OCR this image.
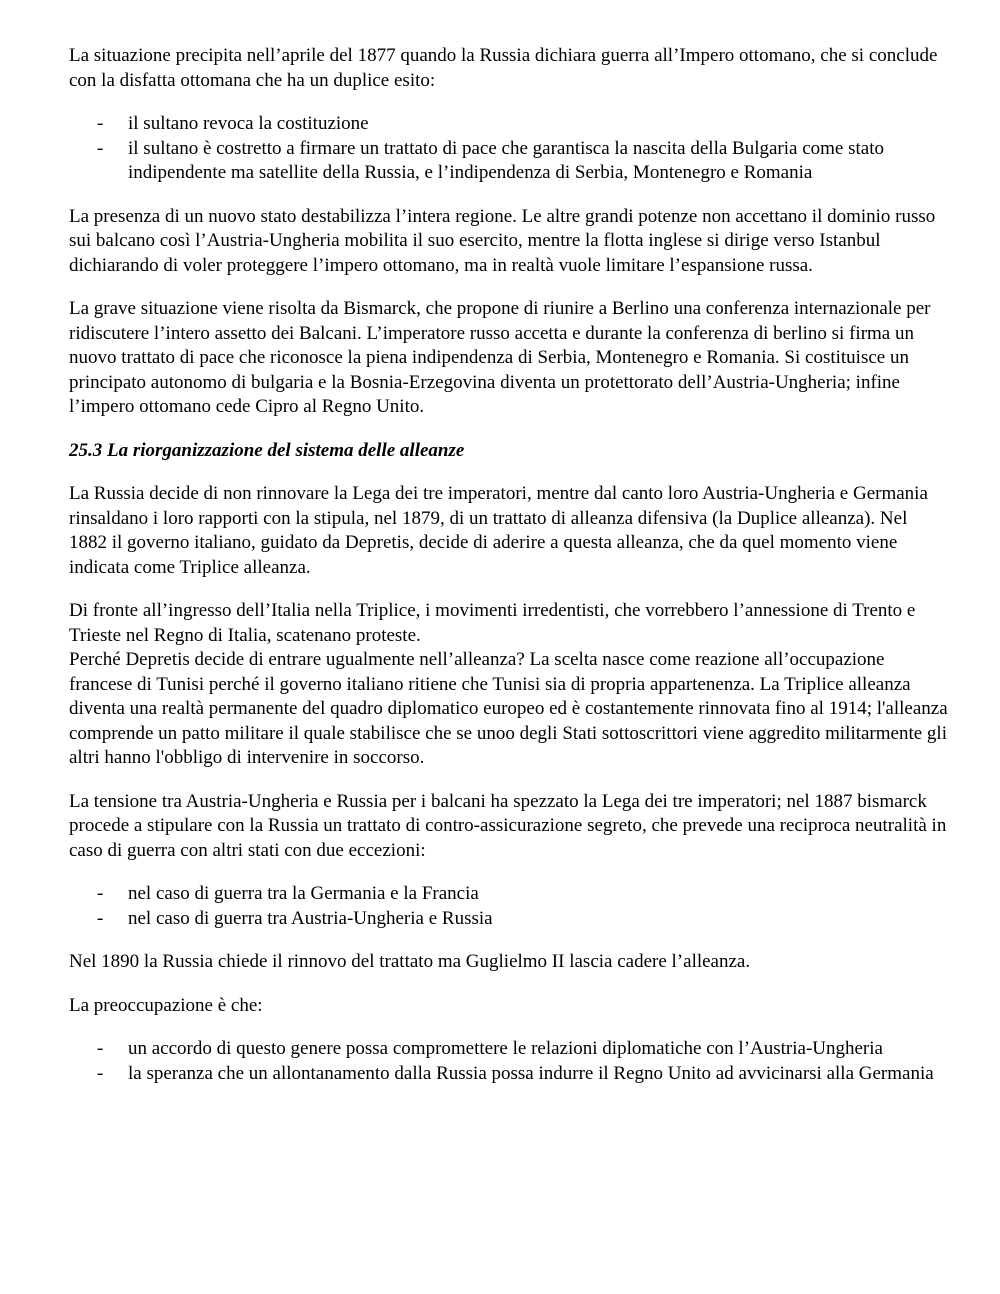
La situazione precipita nell’aprile del 1877 quando la Russia dichiara guerra all’Impero ottomano, che si conclude con la disfatta ottomana che ha un duplice esito:

- il sultano revoca la costituzione
- il sultano è costretto a firmare un trattato di pace che garantisca la nascita della Bulgaria come stato indipendente ma satellite della Russia, e l’indipendenza di Serbia, Montenegro e Romania

La presenza di un nuovo stato destabilizza l’intera regione. Le altre grandi potenze non accettano il dominio russo sui balcano così l’Austria-Ungheria mobilita il suo esercito, mentre la flotta inglese si dirige verso Istanbul dichiarando di voler proteggere l’impero ottomano, ma in realtà vuole limitare l’espansione russa.

La grave situazione viene risolta da Bismarck, che propone di riunire a Berlino una conferenza internazionale per ridiscutere l’intero assetto dei Balcani. L’imperatore russo accetta e durante la conferenza di berlino si firma un nuovo trattato di pace che riconosce la piena indipendenza di Serbia, Montenegro e Romania. Si costituisce un principato autonomo di bulgaria e la Bosnia-Erzegovina diventa un protettorato dell’Austria-Ungheria; infine l’impero ottomano cede Cipro al Regno Unito.

25.3 La riorganizzazione del sistema delle alleanze

La Russia decide di non rinnovare la Lega dei tre imperatori, mentre dal canto loro Austria-Ungheria e Germania rinsaldano i loro rapporti con la stipula, nel 1879, di un trattato di alleanza difensiva (la Duplice alleanza). Nel 1882 il governo italiano, guidato da Depretis, decide di aderire a questa alleanza, che da quel momento viene indicata come Triplice alleanza.

Di fronte all’ingresso dell’Italia nella Triplice, i movimenti irredentisti, che vorrebbero l’annessione di Trento e Trieste nel Regno di Italia, scatenano proteste.

Perché Depretis decide di entrare ugualmente nell’alleanza? La scelta nasce come reazione all’occupazione francese di Tunisi perché il governo italiano ritiene che Tunisi sia di propria appartenenza. La Triplice alleanza diventa una realtà permanente del quadro diplomatico europeo ed è costantemente rinnovata fino al 1914; l'alleanza comprende un patto militare il quale stabilisce che se unoo degli Stati sottoscrittori viene aggredito militarmente gli altri hanno l'obbligo di intervenire in soccorso.

La tensione tra Austria-Ungheria e Russia per i balcani ha spezzato la Lega dei tre imperatori; nel 1887 bismarck procede a stipulare con la Russia un trattato di contro-assicurazione segreto, che prevede una reciproca neutralità in caso di guerra con altri stati con due eccezioni:

- nel caso di guerra tra la Germania e la Francia
- nel caso di guerra tra Austria-Ungheria e Russia

Nel 1890 la Russia chiede il rinnovo del trattato ma Guglielmo II lascia cadere l’alleanza.

La preoccupazione è che:

- un accordo di questo genere possa compromettere le relazioni diplomatiche con l’Austria-Ungheria
- la speranza che un allontanamento dalla Russia possa indurre il Regno Unito ad avvicinarsi alla Germania
